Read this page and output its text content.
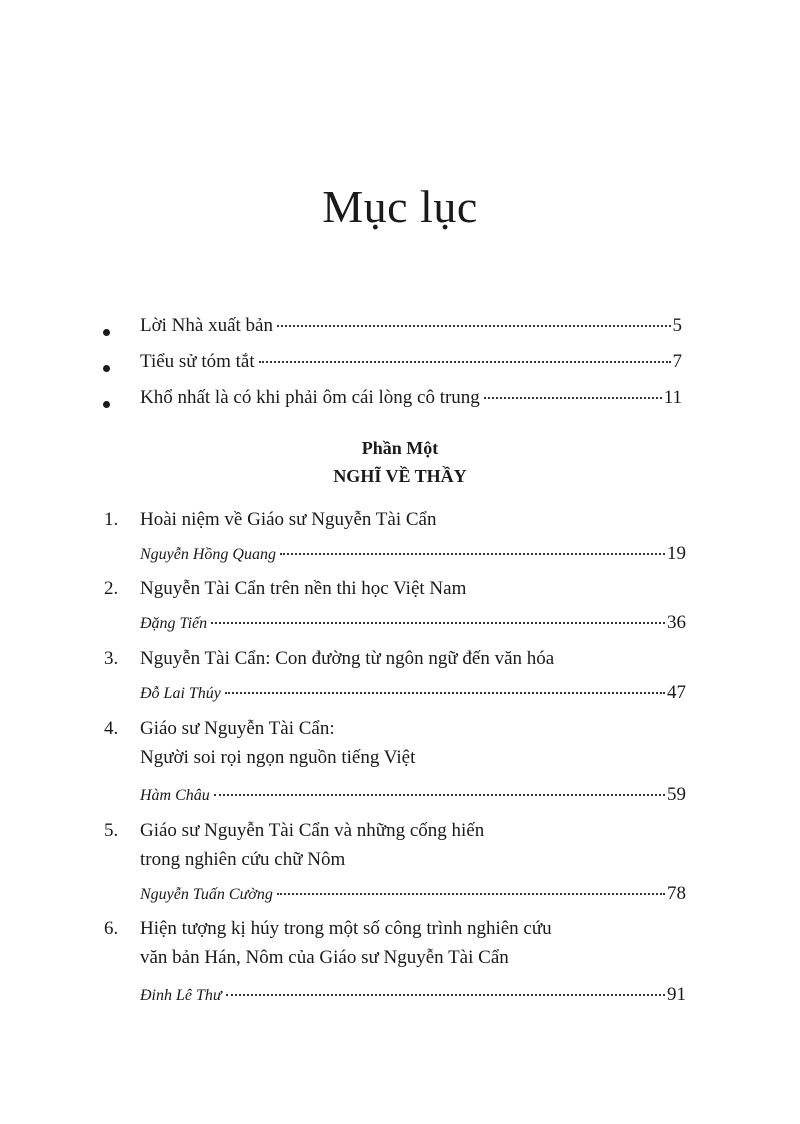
Mục lục
Lời Nhà xuất bản	5
Tiểu sử tóm tắt	7
Khổ nhất là có khi phải ôm cái lòng cô trung	11
Phần Một
NGHĨ VỀ THẦY
1. Hoài niệm về Giáo sư Nguyễn Tài Cẩn
Nguyễn Hồng Quang	19
2. Nguyễn Tài Cẩn trên nền thi học Việt Nam
Đặng Tiến	36
3. Nguyễn Tài Cẩn: Con đường từ ngôn ngữ đến văn hóa
Đỗ Lai Thúy	47
4. Giáo sư Nguyễn Tài Cẩn:
Người soi rọi ngọn nguồn tiếng Việt
Hàm Châu	59
5. Giáo sư Nguyễn Tài Cẩn và những cống hiến
trong nghiên cứu chữ Nôm
Nguyễn Tuấn Cường	78
6. Hiện tượng kị húy trong một số công trình nghiên cứu
văn bản Hán, Nôm của Giáo sư Nguyễn Tài Cẩn
Đinh Lê Thư	91
